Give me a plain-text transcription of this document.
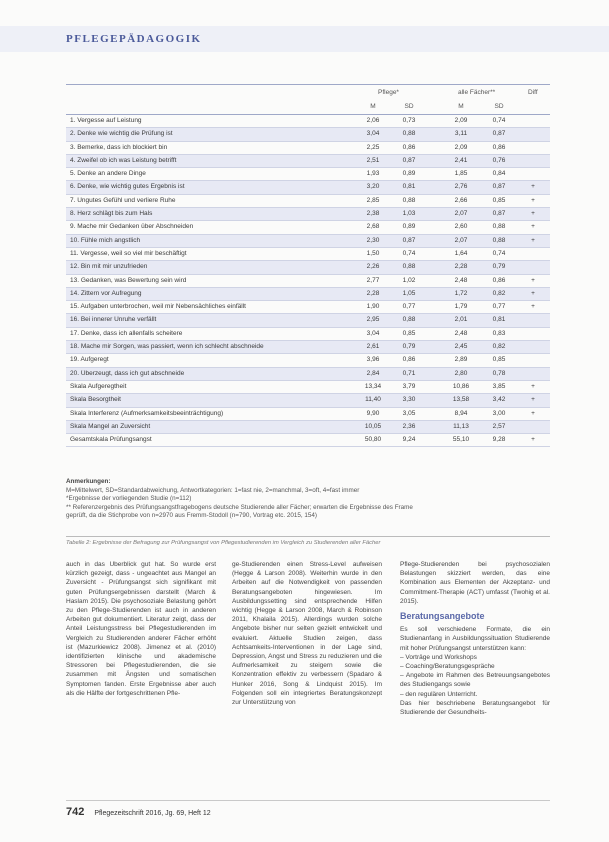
PFLEGEPÄDAGOGIK
Pflege*	alle Fächer**	Diff
M	SD	M	SD
1. Vergesse auf Leistung	2,06	0,73	2,09	0,74
2. Denke wie wichtig die Prüfung ist	3,04	0,88	3,11	0,87
3. Bemerke, dass ich blockiert bin	2,25	0,86	2,09	0,86
4. Zweifel ob ich was Leistung betrifft	2,51	0,87	2,41	0,76
5. Denke an andere Dinge	1,93	0,89	1,85	0,84
6. Denke, wie wichtig gutes Ergebnis ist	3,20	0,81	2,76	0,87	+
7. Ungutes Gefühl und verliere Ruhe	2,85	0,88	2,66	0,85	+
8. Herz schlägt bis zum Hals	2,38	1,03	2,07	0,87	+
9. Mache mir Gedanken über Abschneiden	2,68	0,89	2,60	0,88	+
10. Fühle mich angstlich	2,30	0,87	2,07	0,88	+
11. Vergesse, weil so viel mir beschäftigt	1,50	0,74	1,64	0,74
12. Bin mit mir unzufrieden	2,26	0,88	2,28	0,79
13. Gedanken, was Bewertung sein wird	2,77	1,02	2,48	0,86	+
14. Zittern vor Aufregung	2,28	1,05	1,72	0,82	+
15. Aufgaben unterbrochen, weil mir Nebensächliches einfällt	1,90	0,77	1,79	0,77	+
16. Bei innerer Unruhe verfällt	2,95	0,88	2,01	0,81
17. Denke, dass ich allenfalls scheitere	3,04	0,85	2,48	0,83
18. Mache mir Sorgen, was passiert, wenn ich schlecht abschneide	2,61	0,79	2,45	0,82
19. Aufgeregt	3,96	0,86	2,89	0,85
20. Überzeugt, dass ich gut abschneide	2,84	0,71	2,80	0,78
Skala Aufgeregtheit	13,34	3,79	10,86	3,85	+
Skala Besorgtheit	11,40	3,30	13,58	3,42	+
Skala Interferenz (Aufmerksamkeitsbeeinträchtigung)	9,90	3,05	8,94	3,00	+
Skala Mangel an Zuversicht	10,05	2,36	11,13	2,57
Gesamtskala Prüfungsangst	50,80	9,24	55,10	9,28	+
Anmerkungen:
M=Mittelwert, SD=Standardabweichung, Antwortkategorien: 1=fast nie, 2=manchmal, 3=oft, 4=fast immer
*Ergebnisse der vorliegenden Studie (n=112)
** Referenzergebnis des Prüfungsangstfragebogens deutsche Studierende aller Fächer; erwarten die Ergebnisse des Frame
geprüft, da die Stichprobe von n=2970 aus Fremm-Stodoll (n=790, Vortrag etc. 2015, 154)
Tabelle 2: Ergebnisse der Befragung zur Prüfungsangst von Pflegestudierenden im Vergleich zu Studierenden aller Fächer
auch in das Uberblick gut hat. So wurde erst kürzlich gezeigt, dass - ungeachtet aus Mangel an Zuversicht - Prüfungsangst sich signifikant mit guten Prüfungsergebnissen darstellt (March & Haslam 2015). Die psychosoziale Belastung gehört zu den Pflege-Studierenden ist auch in anderen Arbeiten gut dokumentiert. Literatur zeigt, dass der Anteil Leistungsstress bei Pflegestudierenden im Vergleich zu Studierenden anderer Fächer erhöht ist (Mazurkiewicz 2008). Jimenez et al. (2010) identifizierten klinische und akademische Stressoren bei Pflegestudierenden, die sie zusammen mit Ängsten und somatischen Symptomen fanden. Erste Ergebnisse aber auch als die Hälfte der fortgeschrittenen Pfle-
ge-Studierenden einen Stress-Level aufweisen (Hegge & Larson 2008). Weiterhin wurde in den Arbeiten auf die Notwendigkeit von passenden Beratungsangeboten hingewiesen. Im Ausbildungssetting sind entsprechende Hilfen wichtig (Hegge & Larson 2008, March & Robinson 2011, Khalaila 2015). Allerdings wurden solche Angebote bisher nur selten gezielt entwickelt und evaluiert. Aktuelle Studien zeigen, dass Achtsamkeits-Interventionen in der Lage sind, Depression, Angst und Stress zu reduzieren und die Aufmerksamkeit zu steigern sowie die Konzentration effektiv zu verbessern (Spadaro & Hunker 2016, Song & Lindquist 2015). Im Folgenden soll ein integriertes Beratungskonzept zur Unterstützung von
Pflege-Studierenden bei psychosozialen Belastungen skizziert werden, das eine Kombination aus Elementen der Akzeptanz- und Commitment-Therapie (ACT) umfasst (Twohig et al. 2015).
Beratungsangebote
Es soll verschiedene Formate, die ein Studienanfang in Ausbildungssituation Studierende mit hoher Prüfungsangst unterstützen kann:
– Vorträge und Workshops
– Coaching/Beratungsgespräche
– Angebote im Rahmen des Betreuungsangebotes des Studiengangs sowie
– den regulären Unterricht.
Das hier beschriebene Beratungsangebot für Studierende der Gesundheits-
742 Pflegezeitschrift 2016, Jg. 69, Heft 12
